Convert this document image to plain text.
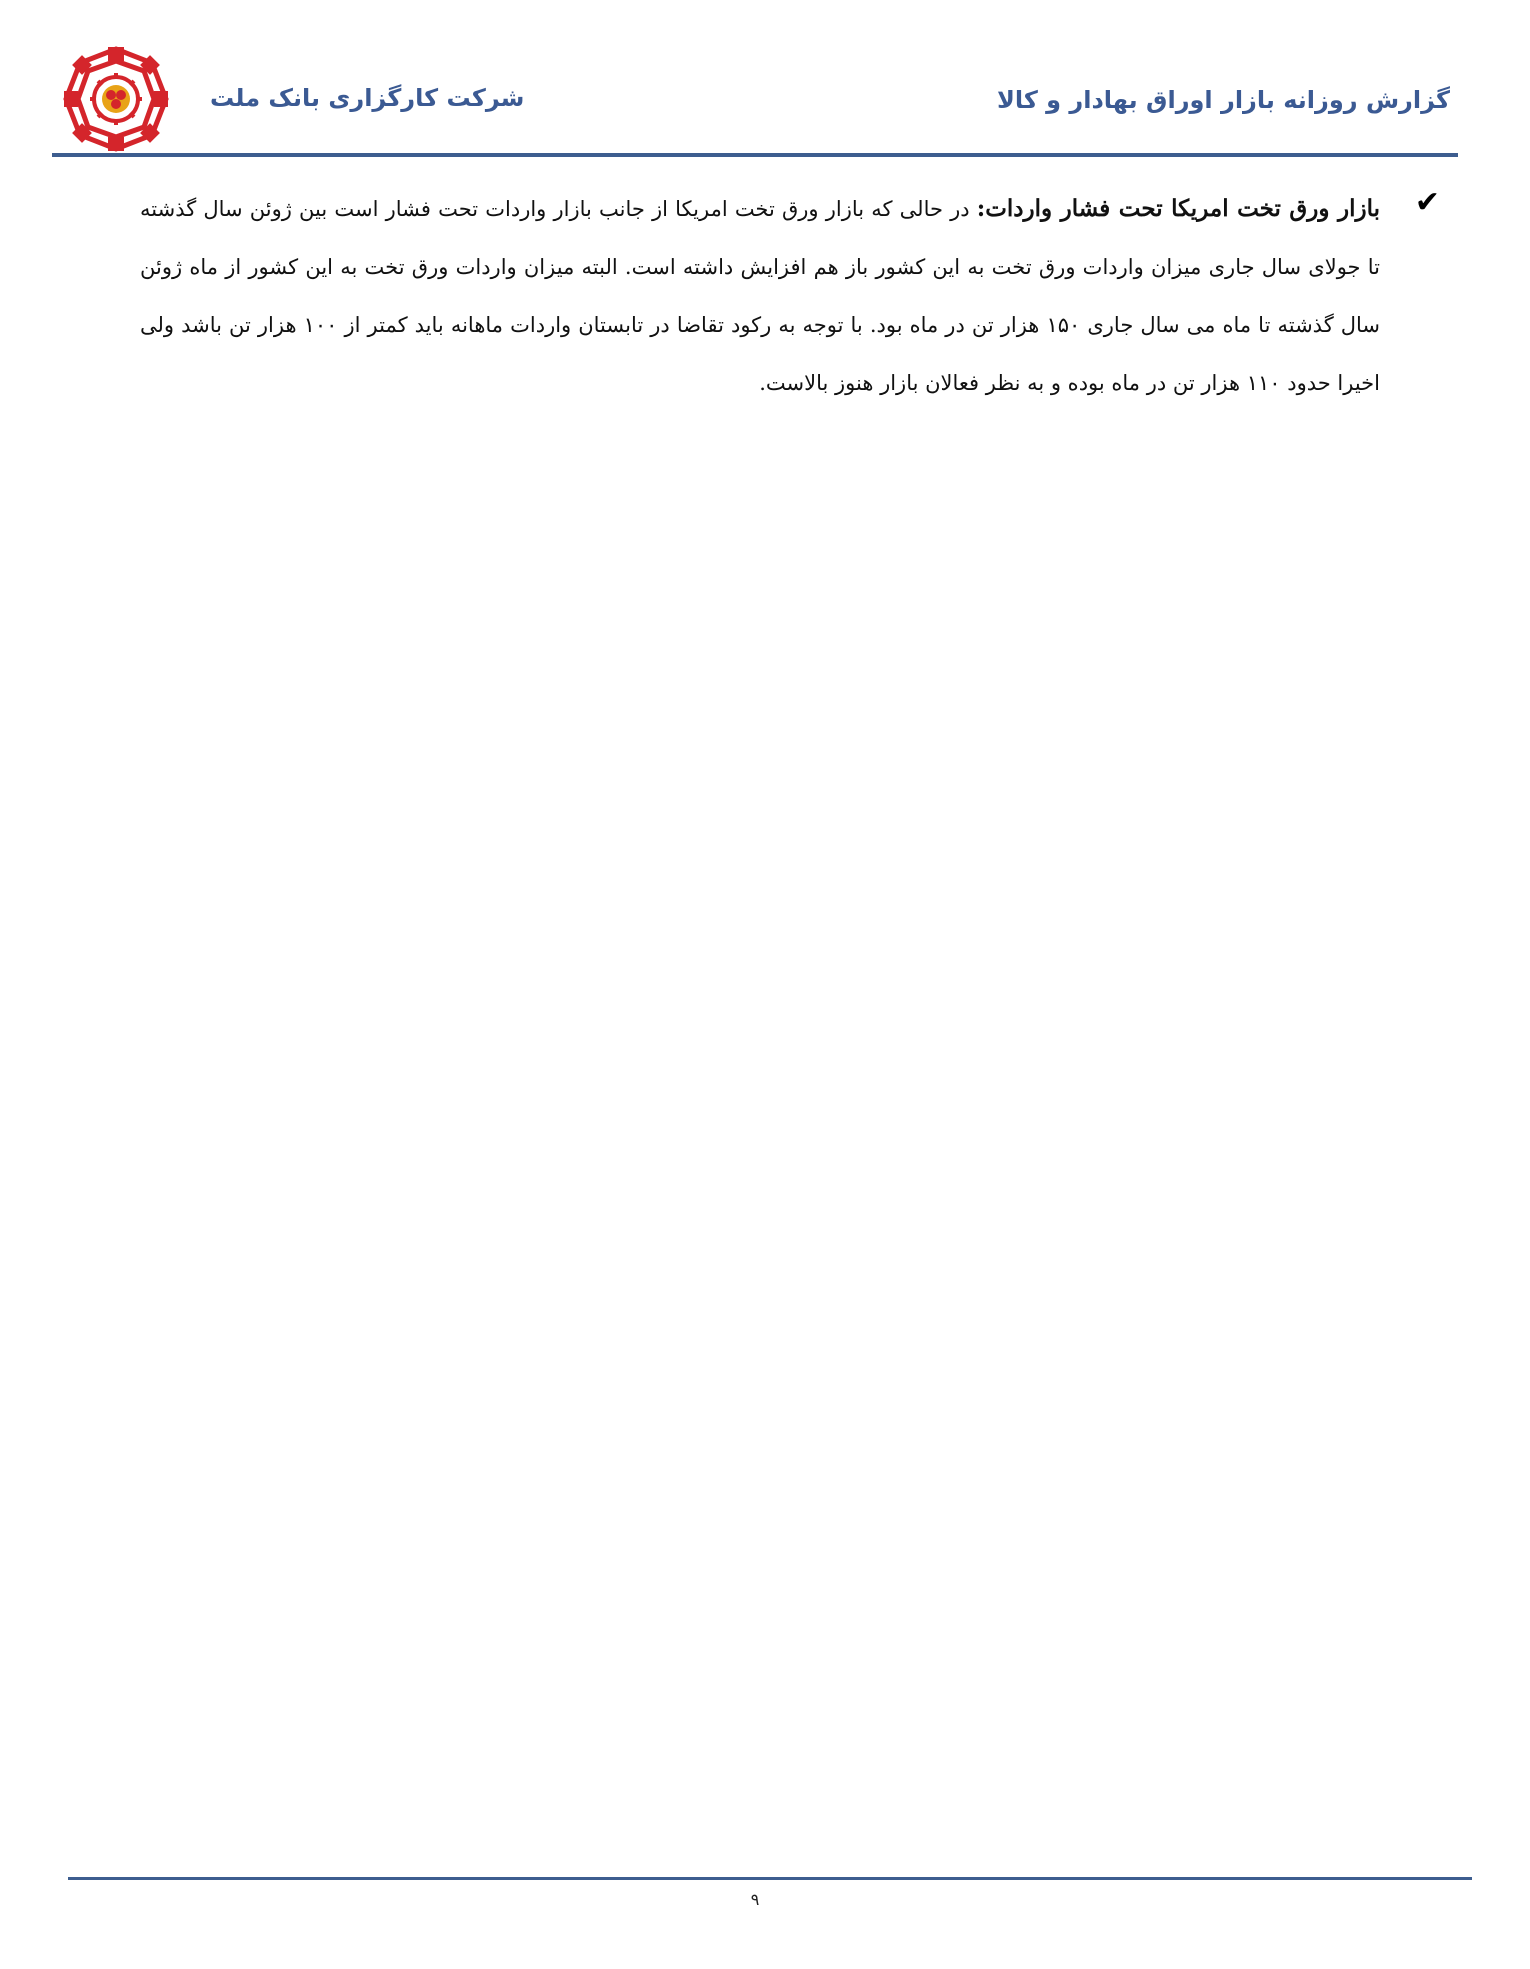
شرکت کارگزاری بانک ملت	گزارش روزانه بازار اوراق بهادار و کالا
✔
بازار ورق تخت امریکا تحت فشار واردات: در حالی که بازار ورق تخت امریکا از جانب بازار واردات تحت فشار است بین ژوئن سال گذشته تا جولای سال جاری میزان واردات ورق تخت به این کشور باز هم افزایش داشته است. البته میزان واردات ورق تخت به این کشور از ماه ژوئن سال گذشته تا ماه می سال جاری ۱۵۰ هزار تن در ماه بود. با توجه به رکود تقاضا در تابستان واردات ماهانه باید کمتر از ۱۰۰ هزار تن باشد ولی اخیرا حدود ۱۱۰ هزار تن در ماه بوده و به نظر فعالان بازار هنوز بالاست.
۹
